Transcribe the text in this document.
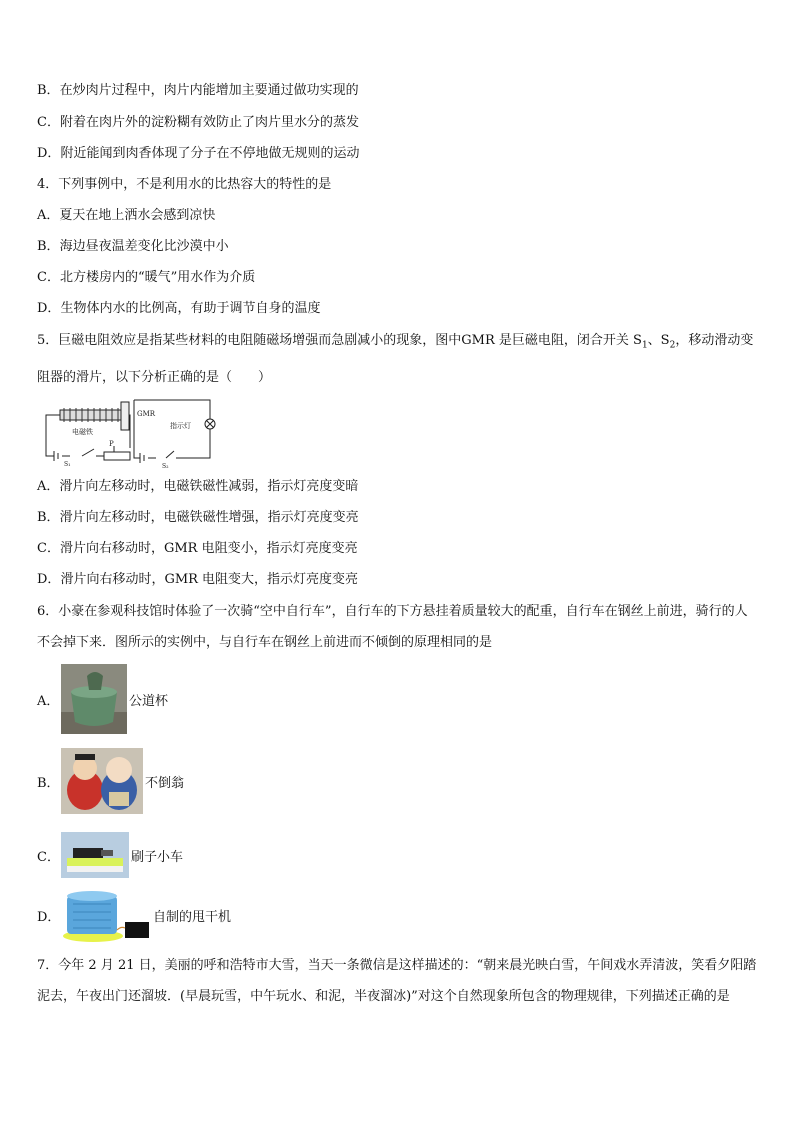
B．在炒肉片过程中，肉片内能增加主要通过做功实现的
C．附着在肉片外的淀粉糊有效防止了肉片里水分的蒸发
D．附近能闻到肉香体现了分子在不停地做无规则的运动
4．下列事例中，不是利用水的比热容大的特性的是
A．夏天在地上洒水会感到凉快
B．海边昼夜温差变化比沙漠中小
C．北方楼房内的“暖气”用水作为介质
D．生物体内水的比例高，有助于调节自身的温度
5．巨磁电阻效应是指某些材料的电阻随磁场增强而急剧减小的现象，图中GMR 是巨磁电阻，闭合开关 $S_1$、$S_2$，移动滑动变阻器的滑片，以下分析正确的是（　　）
电磁铁
GMR
指示灯
P
S₁	S₂
A．滑片向左移动时，电磁铁磁性减弱，指示灯亮度变暗
B．滑片向左移动时，电磁铁磁性增强，指示灯亮度变亮
C．滑片向右移动时，GMR 电阻变小，指示灯亮度变亮
D．滑片向右移动时，GMR 电阻变大，指示灯亮度变亮
6．小豪在参观科技馆时体验了一次骑“空中自行车”，自行车的下方悬挂着质量较大的配重，自行车在钢丝上前进，骑行的人不会掉下来．图所示的实例中，与自行车在钢丝上前进而不倾倒的原理相同的是
A．	公道杯
B．	不倒翁
C．	刷子小车
D．	自制的甩干机
7．今年 2 月 21 日，美丽的呼和浩特市大雪，当天一条微信是这样描述的：“朝来晨光映白雪，午间戏水弄清波，笑看夕阳踏泥去，午夜出门还溜坡．(早晨玩雪，中午玩水、和泥，半夜溜冰)”对这个自然现象所包含的物理规律，下列描述正确的是
